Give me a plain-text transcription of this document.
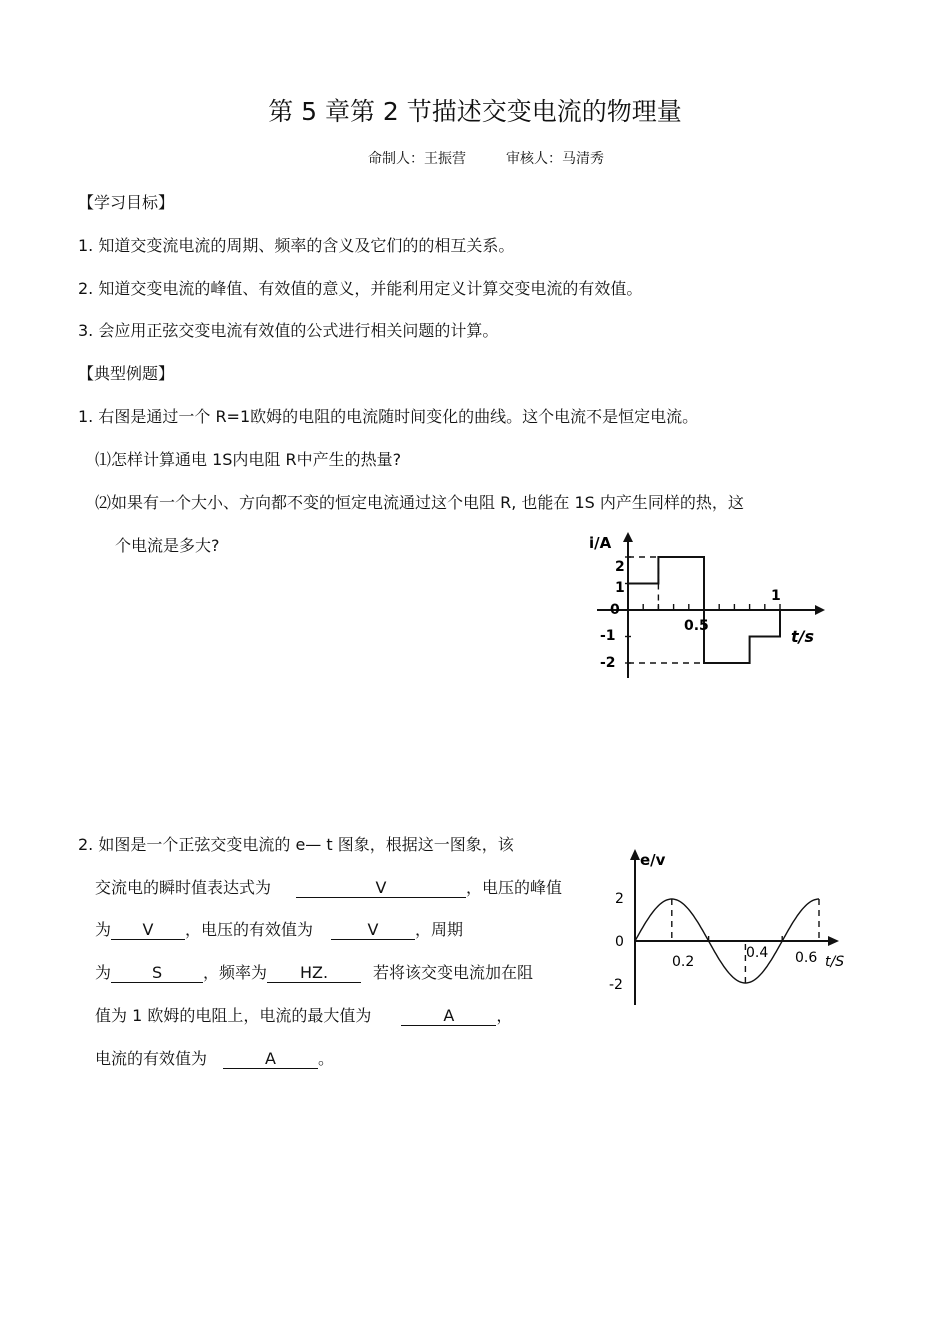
第 5 章第 2 节描述交变电流的物理量
命制人：王振营	审核人：马清秀
【学习目标】
1. 知道交变流电流的周期、频率的含义及它们的的相互关系。
2. 知道交变电流的峰值、有效值的意义，并能利用定义计算交变电流的有效值。
3. 会应用正弦交变电流有效值的公式进行相关问题的计算。
【典型例题】
1. 右图是通过一个 R=1欧姆的电阻的电流随时间变化的曲线。这个电流不是恒定电流。
⑴怎样计算通电 1S内电阻 R中产生的热量?
⑵如果有一个大小、方向都不变的恒定电流通过这个电阻 R, 也能在 1S 内产生同样的热，这
个电流是多大?	i/A
t/s
2
1
0
-1
-2
0.5
1
2. 如图是一个正弦交变电流的 e— t 图象，根据这一图象，该
交流电的瞬时值表达式为	V	，电压的峰值
为 V ，电压的有效值为	V ，周期
为	S	，频率为 HZ.	若将该交变电流加在阻
值为 1 欧姆的电阻上，电流的最大值为	A	，
电流的有效值为	A	。
e/v
t/S
2
0
-2
0.2
0.4 0.6
